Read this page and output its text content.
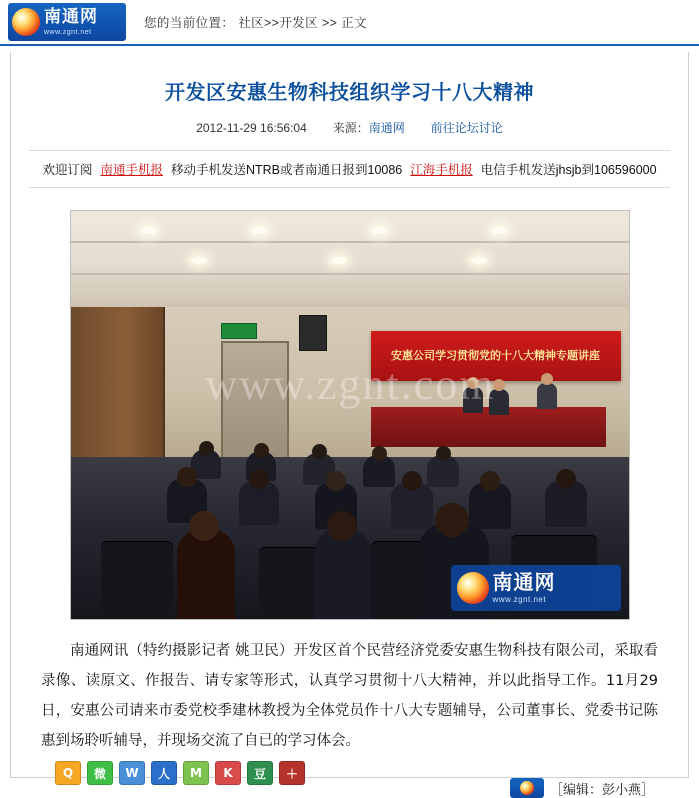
南通网
www.zgnt.net
您的当前位置： 社区>>开发区 >> 正文
开发区安惠生物科技组织学习十八大精神
2012-11-29 16:56:04 来源：南通网 前往论坛讨论
欢迎订阅 南通手机报 移动手机发送NTRB或者南通日报到10086 江海手机报 电信手机发送jhsjb到106596000
安惠公司学习贯彻党的十八大精神专题讲座
www.zgnt.com
南通网
www.zgnt.net
南通网讯（特约摄影记者 姚卫民）开发区首个民营经济党委安惠生物科技有限公司，采取看录像、读原文、作报告、请专家等形式，认真学习贯彻十八大精神，并以此指导工作。11月29日，安惠公司请来市委党校季建林教授为全体党员作十八大专题辅导，公司董事长、党委书记陈惠到场聆听辅导，并现场交流了自已的学习体会。
［编辑：彭小燕］
Q	微	W	人	M	K	豆	＋
